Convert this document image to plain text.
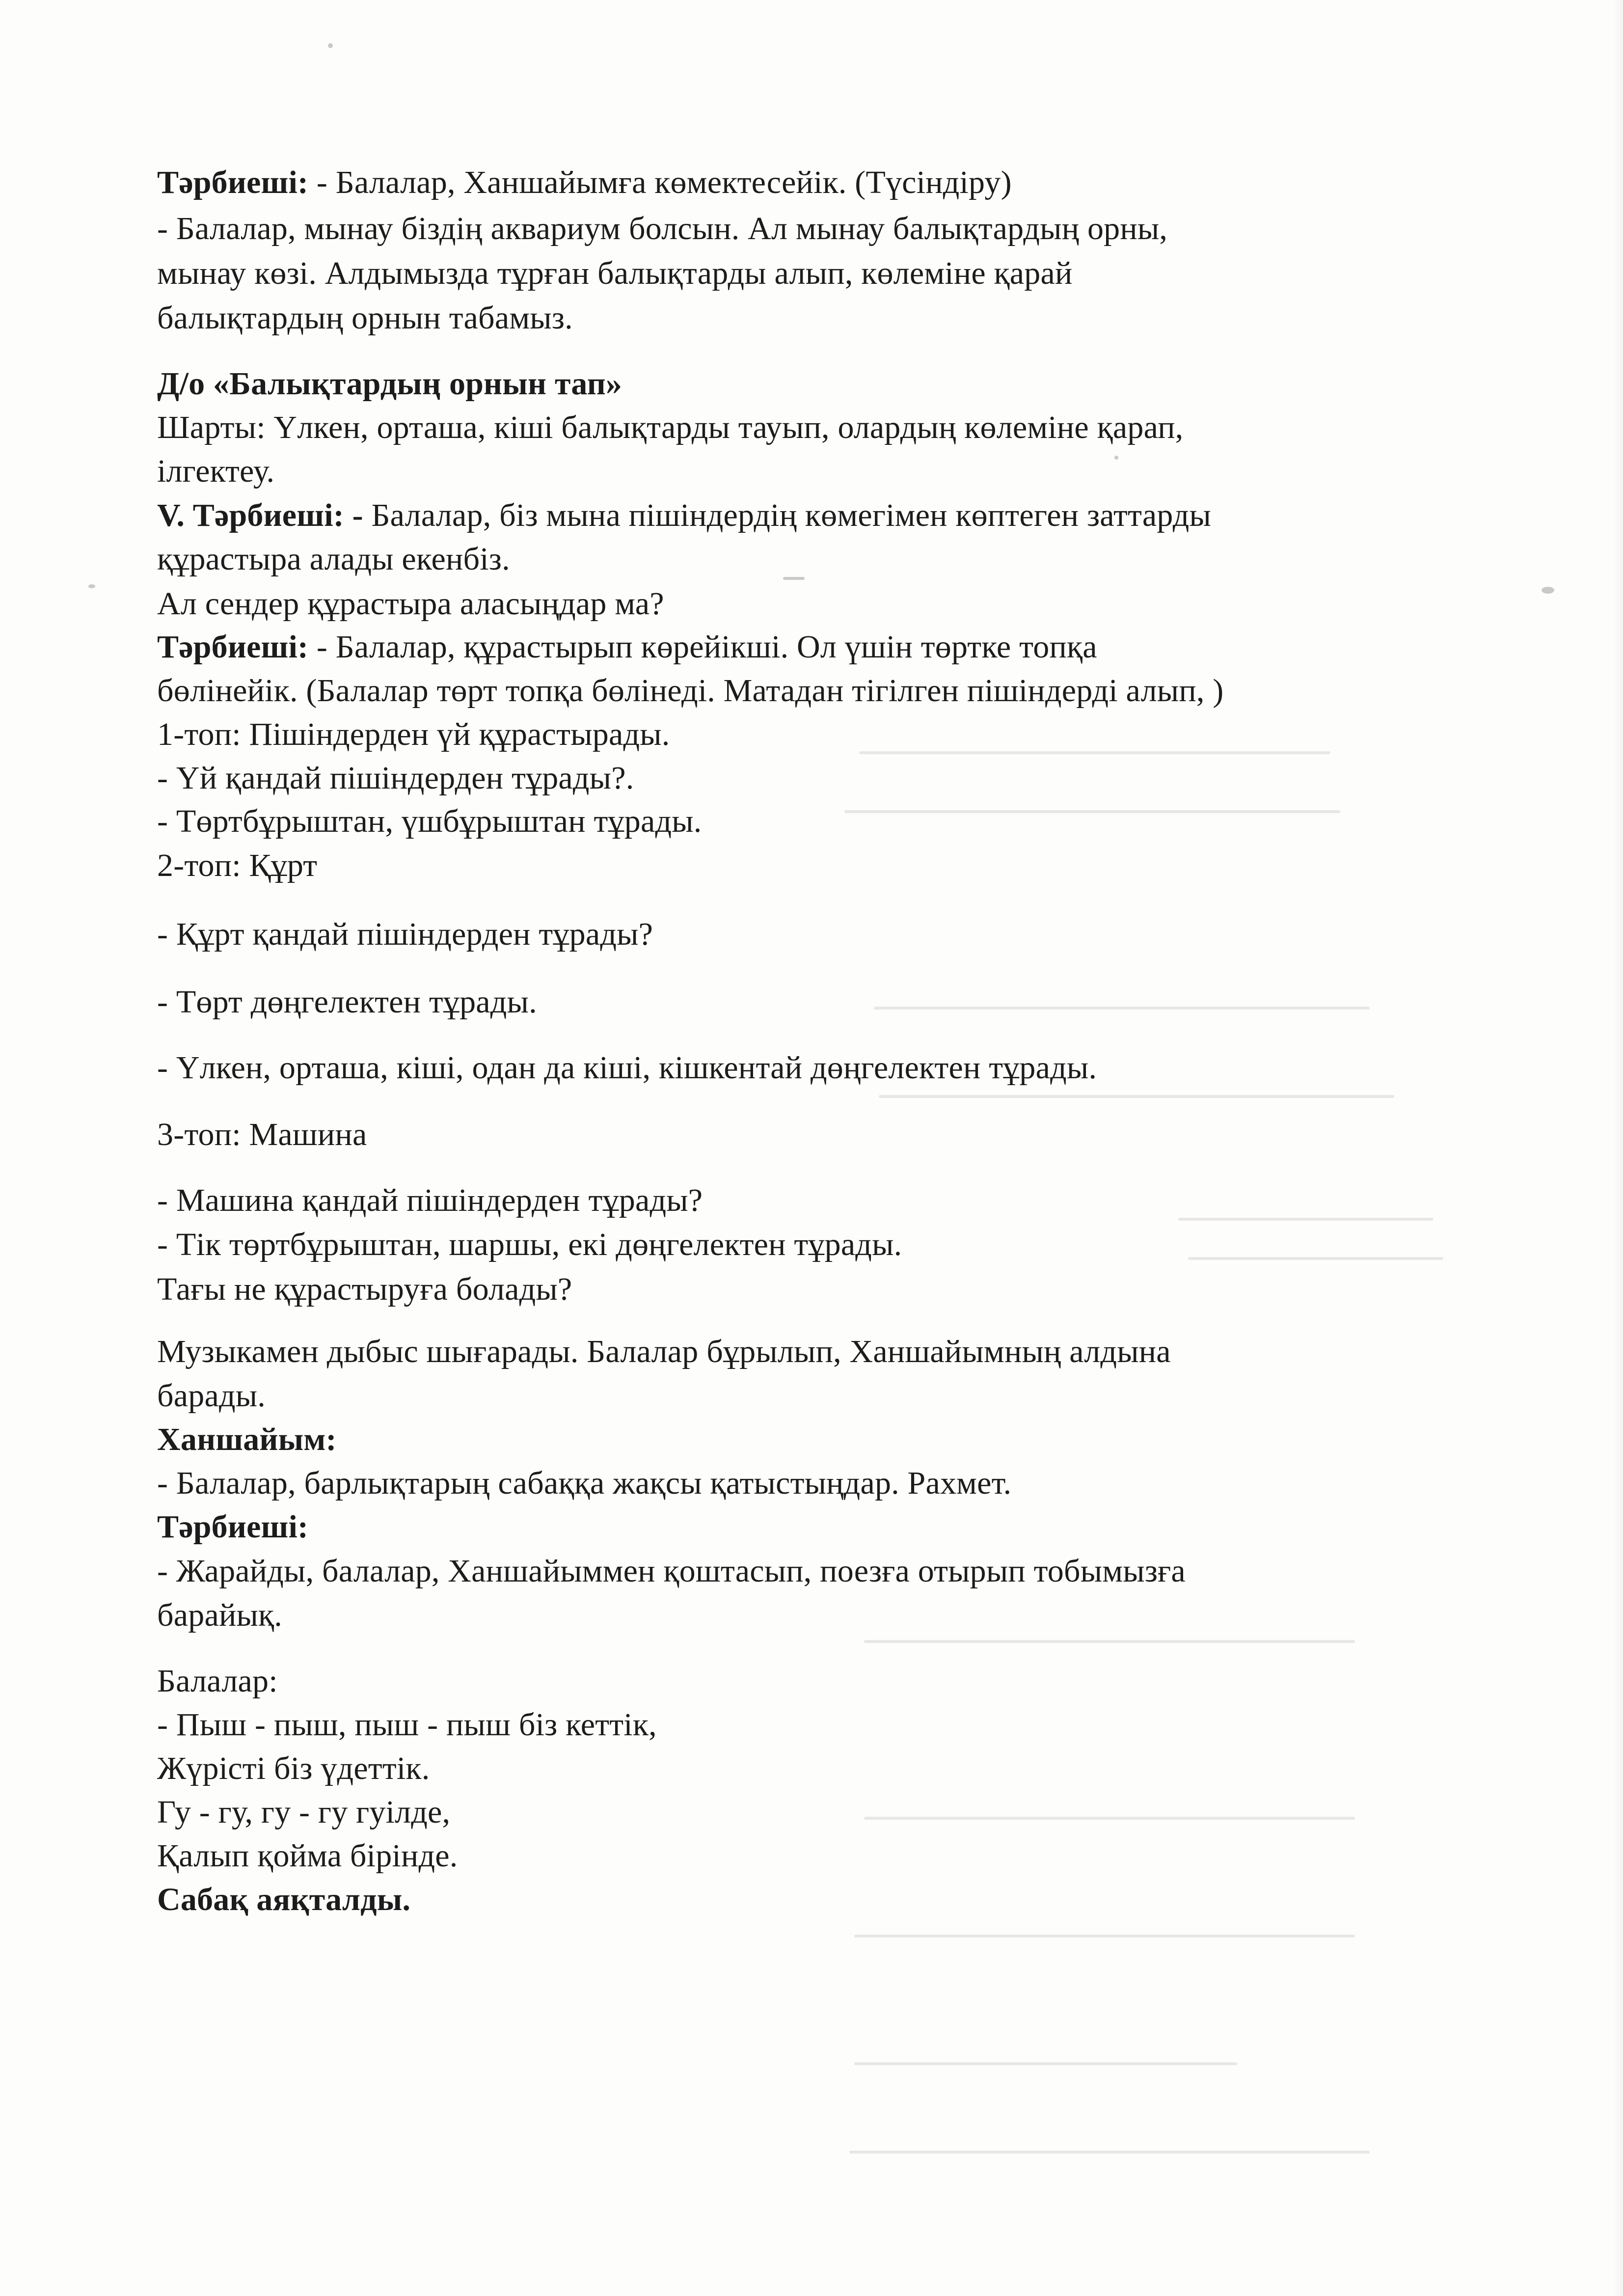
Тәрбиеші: - Балалар, Ханшайымға көмектесейік. (Түсіндіру)
- Балалар, мынау біздің аквариум болсын. Ал мынау балықтардың орны,
мынау көзі. Алдымызда тұрған балықтарды алып, көлеміне қарай
балықтардың орнын табамыз.
Д/о «Балықтардың орнын тап»
Шарты: Үлкен, орташа, кіші балықтарды тауып, олардың көлеміне қарап,
ілгектеу.
V. Тәрбиеші: - Балалар, біз мына пішіндердің көмегімен көптеген заттарды
құрастыра алады екенбіз.
Ал сендер құрастыра аласыңдар ма?
Тәрбиеші: - Балалар, құрастырып көрейікші. Ол үшін төртке топқа
бөлінейік. (Балалар төрт топқа бөлінеді. Матадан тігілген пішіндерді алып, )
1-топ: Пішіндерден үй құрастырады.
- Үй қандай пішіндерден тұрады?.
- Төртбұрыштан, үшбұрыштан тұрады.
2-топ: Құрт
- Құрт қандай пішіндерден тұрады?
- Төрт дөңгелектен тұрады.
- Үлкен, орташа, кіші, одан да кіші, кішкентай дөңгелектен тұрады.
3-топ: Машина
- Машина қандай пішіндерден тұрады?
- Тік төртбұрыштан, шаршы, екі дөңгелектен тұрады.
Тағы не құрастыруға болады?
Музыкамен дыбыс шығарады. Балалар бұрылып, Ханшайымның алдына
барады.
Ханшайым:
- Балалар, барлықтарың сабаққа жақсы қатыстыңдар. Рахмет.
Тәрбиеші:
- Жарайды, балалар, Ханшайыммен қоштасып, поезға отырып тобымызға
барайық.
Балалар:
- Пыш - пыш, пыш - пыш біз кеттік,
Жүрісті біз үдеттік.
Гу - гу, гу - гу гуілде,
Қалып қойма бірінде.
Сабақ аяқталды.
